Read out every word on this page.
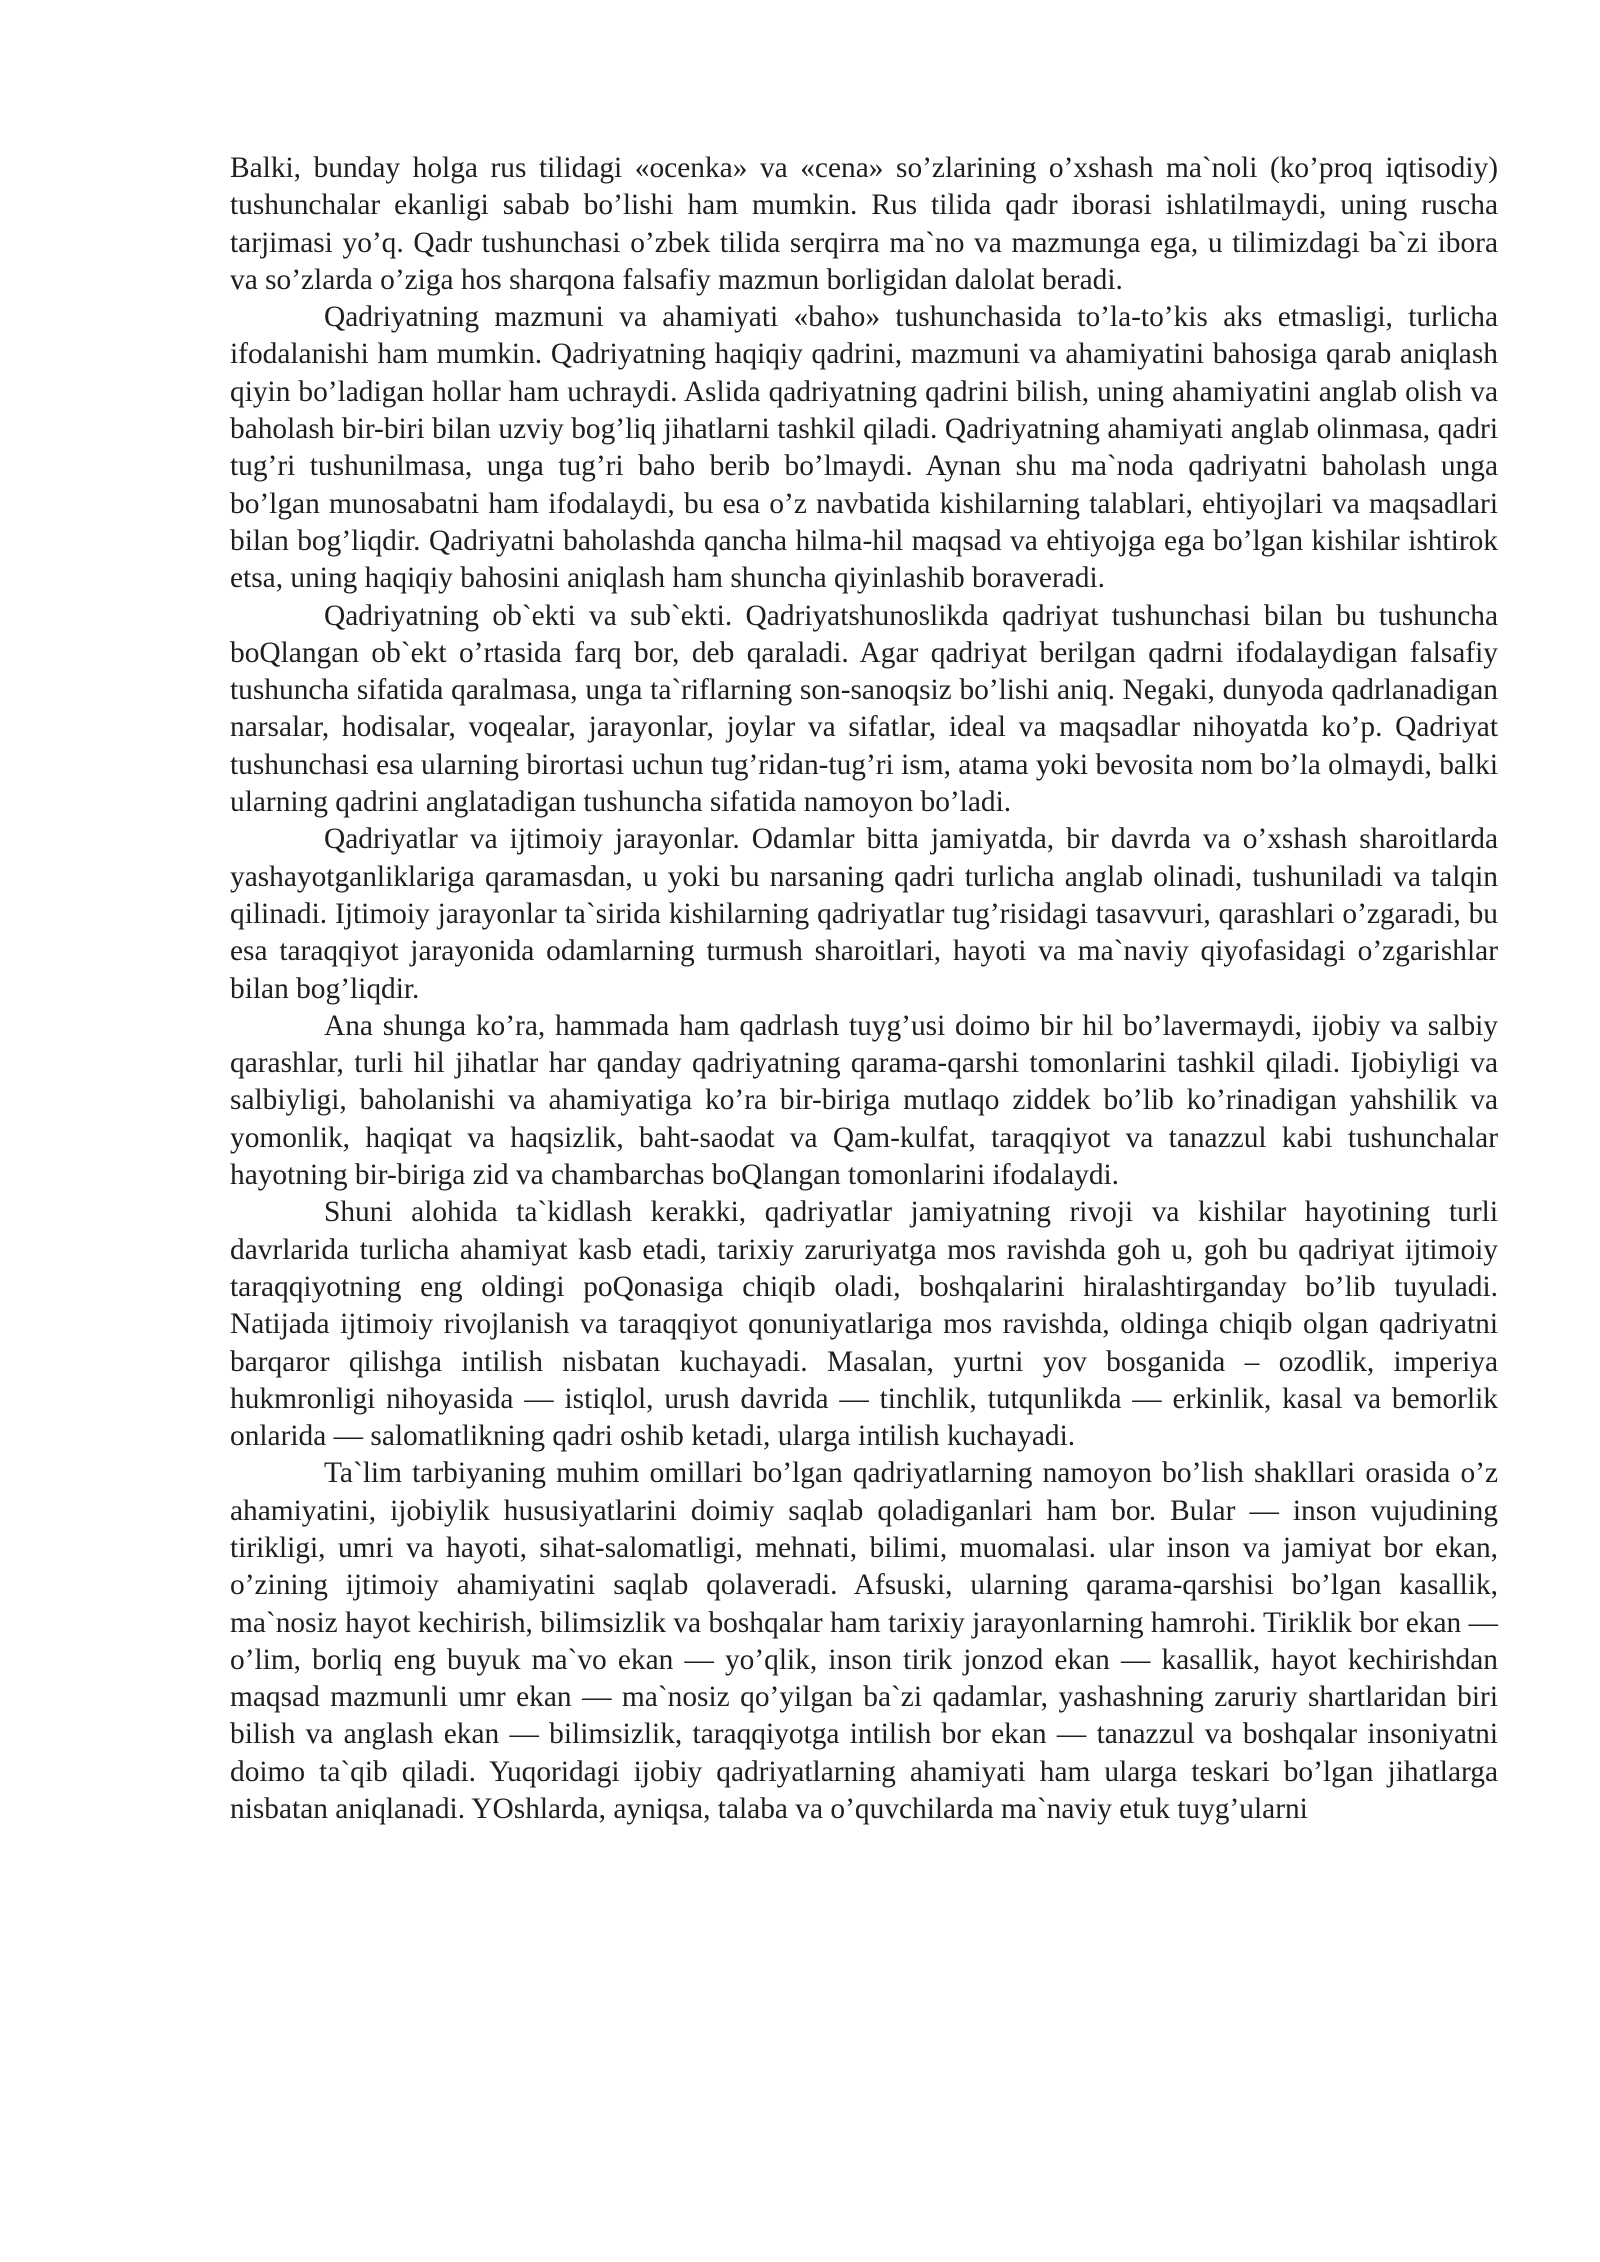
Balki, bunday holga rus tilidagi «ocenka» va «cena» so’zlarining o’xshash ma`noli (ko’proq iqtisodiy) tushunchalar ekanligi sabab bo’lishi ham mumkin. Rus tilida qadr iborasi ishlatilmaydi, uning ruscha tarjimasi yo’q. Qadr tushunchasi o’zbek tilida serqirra ma`no va mazmunga ega, u tilimizdagi ba`zi ibora va so’zlarda o’ziga hos sharqona falsafiy mazmun borligidan dalolat beradi.

Qadriyatning mazmuni va ahamiyati «baho» tushunchasida to’la-to’kis aks etmasligi, turlicha ifodalanishi ham mumkin. Qadriyatning haqiqiy qadrini, mazmuni va ahamiyatini bahosiga qarab aniqlash qiyin bo’ladigan hollar ham uchraydi. Aslida qadriyatning qadrini bilish, uning ahamiyatini anglab olish va baholash bir-biri bilan uzviy bog’liq jihatlarni tashkil qiladi. Qadriyatning ahamiyati anglab olinmasa, qadri tug’ri tushunilmasa, unga tug’ri baho berib bo’lmaydi. Aynan shu ma`noda qadriyatni baholash unga bo’lgan munosabatni ham ifodalaydi, bu esa o’z navbatida kishilarning talablari, ehtiyojlari va maqsadlari bilan bog’liqdir. Qadriyatni baholashda qancha hilma-hil maqsad va ehtiyojga ega bo’lgan kishilar ishtirok etsa, uning haqiqiy bahosini aniqlash ham shuncha qiyinlashib boraveradi.

Qadriyatning ob`ekti va sub`ekti. Qadriyatshunoslikda qadriyat tushunchasi bilan bu tushuncha boQlangan ob`ekt o’rtasida farq bor, deb qaraladi. Agar qadriyat berilgan qadrni ifodalaydigan falsafiy tushuncha sifatida qaralmasa, unga ta`riflarning son-sanoqsiz bo’lishi aniq. Negaki, dunyoda qadrlanadigan narsalar, hodisalar, voqealar, jarayonlar, joylar va sifatlar, ideal va maqsadlar nihoyatda ko’p. Qadriyat tushunchasi esa ularning birortasi uchun tug’ridan-tug’ri ism, atama yoki bevosita nom bo’la olmaydi, balki ularning qadrini anglatadigan tushuncha sifatida namoyon bo’ladi.

Qadriyatlar va ijtimoiy jarayonlar. Odamlar bitta jamiyatda, bir davrda va o’xshash sharoitlarda yashayotganliklariga qaramasdan, u yoki bu narsaning qadri turlicha anglab olinadi, tushuniladi va talqin qilinadi. Ijtimoiy jarayonlar ta`sirida kishilarning qadriyatlar tug’risidagi tasavvuri, qarashlari o’zgaradi, bu esa taraqqiyot jarayonida odamlarning turmush sharoitlari, hayoti va ma`naviy qiyofasidagi o’zgarishlar bilan bog’liqdir.

Ana shunga ko’ra, hammada ham qadrlash tuyg’usi doimo bir hil bo’lavermaydi, ijobiy va salbiy qarashlar, turli hil jihatlar har qanday qadriyatning qarama-qarshi tomonlarini tashkil qiladi. Ijobiyligi va salbiyligi, baholanishi va ahamiyatiga ko’ra bir-biriga mutlaqo ziddek bo’lib ko’rinadigan yahshilik va yomonlik, haqiqat va haqsizlik, baht-saodat va Qam-kulfat, taraqqiyot va tanazzul kabi tushunchalar hayotning bir-biriga zid va chambarchas boQlangan tomonlarini ifodalaydi.

Shuni alohida ta`kidlash kerakki, qadriyatlar jamiyatning rivoji va kishilar hayotining turli davrlarida turlicha ahamiyat kasb etadi, tarixiy zaruriyatga mos ravishda goh u, goh bu qadriyat ijtimoiy taraqqiyotning eng oldingi poQonasiga chiqib oladi, boshqalarini hiralashtirganday bo’lib tuyuladi. Natijada ijtimoiy rivojlanish va taraqqiyot qonuniyatlariga mos ravishda, oldinga chiqib olgan qadriyatni barqaror qilishga intilish nisbatan kuchayadi. Masalan, yurtni yov bosganida – ozodlik, imperiya hukmronligi nihoyasida — istiqlol, urush davrida — tinchlik, tutqunlikda — erkinlik, kasal va bemorlik onlarida — salomatlikning qadri oshib ketadi, ularga intilish kuchayadi.

Ta`lim tarbiyaning muhim omillari bo’lgan qadriyatlarning namoyon bo’lish shakllari orasida o’z ahamiyatini, ijobiylik hususiyatlarini doimiy saqlab qoladiganlari ham bor. Bular — inson vujudining tirikligi, umri va hayoti, sihat-salomatligi, mehnati, bilimi, muomalasi. ular inson va jamiyat bor ekan, o’zining ijtimoiy ahamiyatini saqlab qolaveradi. Afsuski, ularning qarama-qarshisi bo’lgan kasallik, ma`nosiz hayot kechirish, bilimsizlik va boshqalar ham tarixiy jarayonlarning hamrohi. Tiriklik bor ekan — o’lim, borliq eng buyuk ma`vo ekan — yo’qlik, inson tirik jonzod ekan — kasallik, hayot kechirishdan maqsad mazmunli umr ekan — ma`nosiz qo’yilgan ba`zi qadamlar, yashashning zaruriy shartlaridan biri bilish va anglash ekan — bilimsizlik, taraqqiyotga intilish bor ekan — tanazzul va boshqalar insoniyatni doimo ta`qib qiladi. Yuqoridagi ijobiy qadriyatlarning ahamiyati ham ularga teskari bo’lgan jihatlarga nisbatan aniqlanadi. YOshlarda, ayniqsa, talaba va o’quvchilarda ma`naviy etuk tuyg’ularni
